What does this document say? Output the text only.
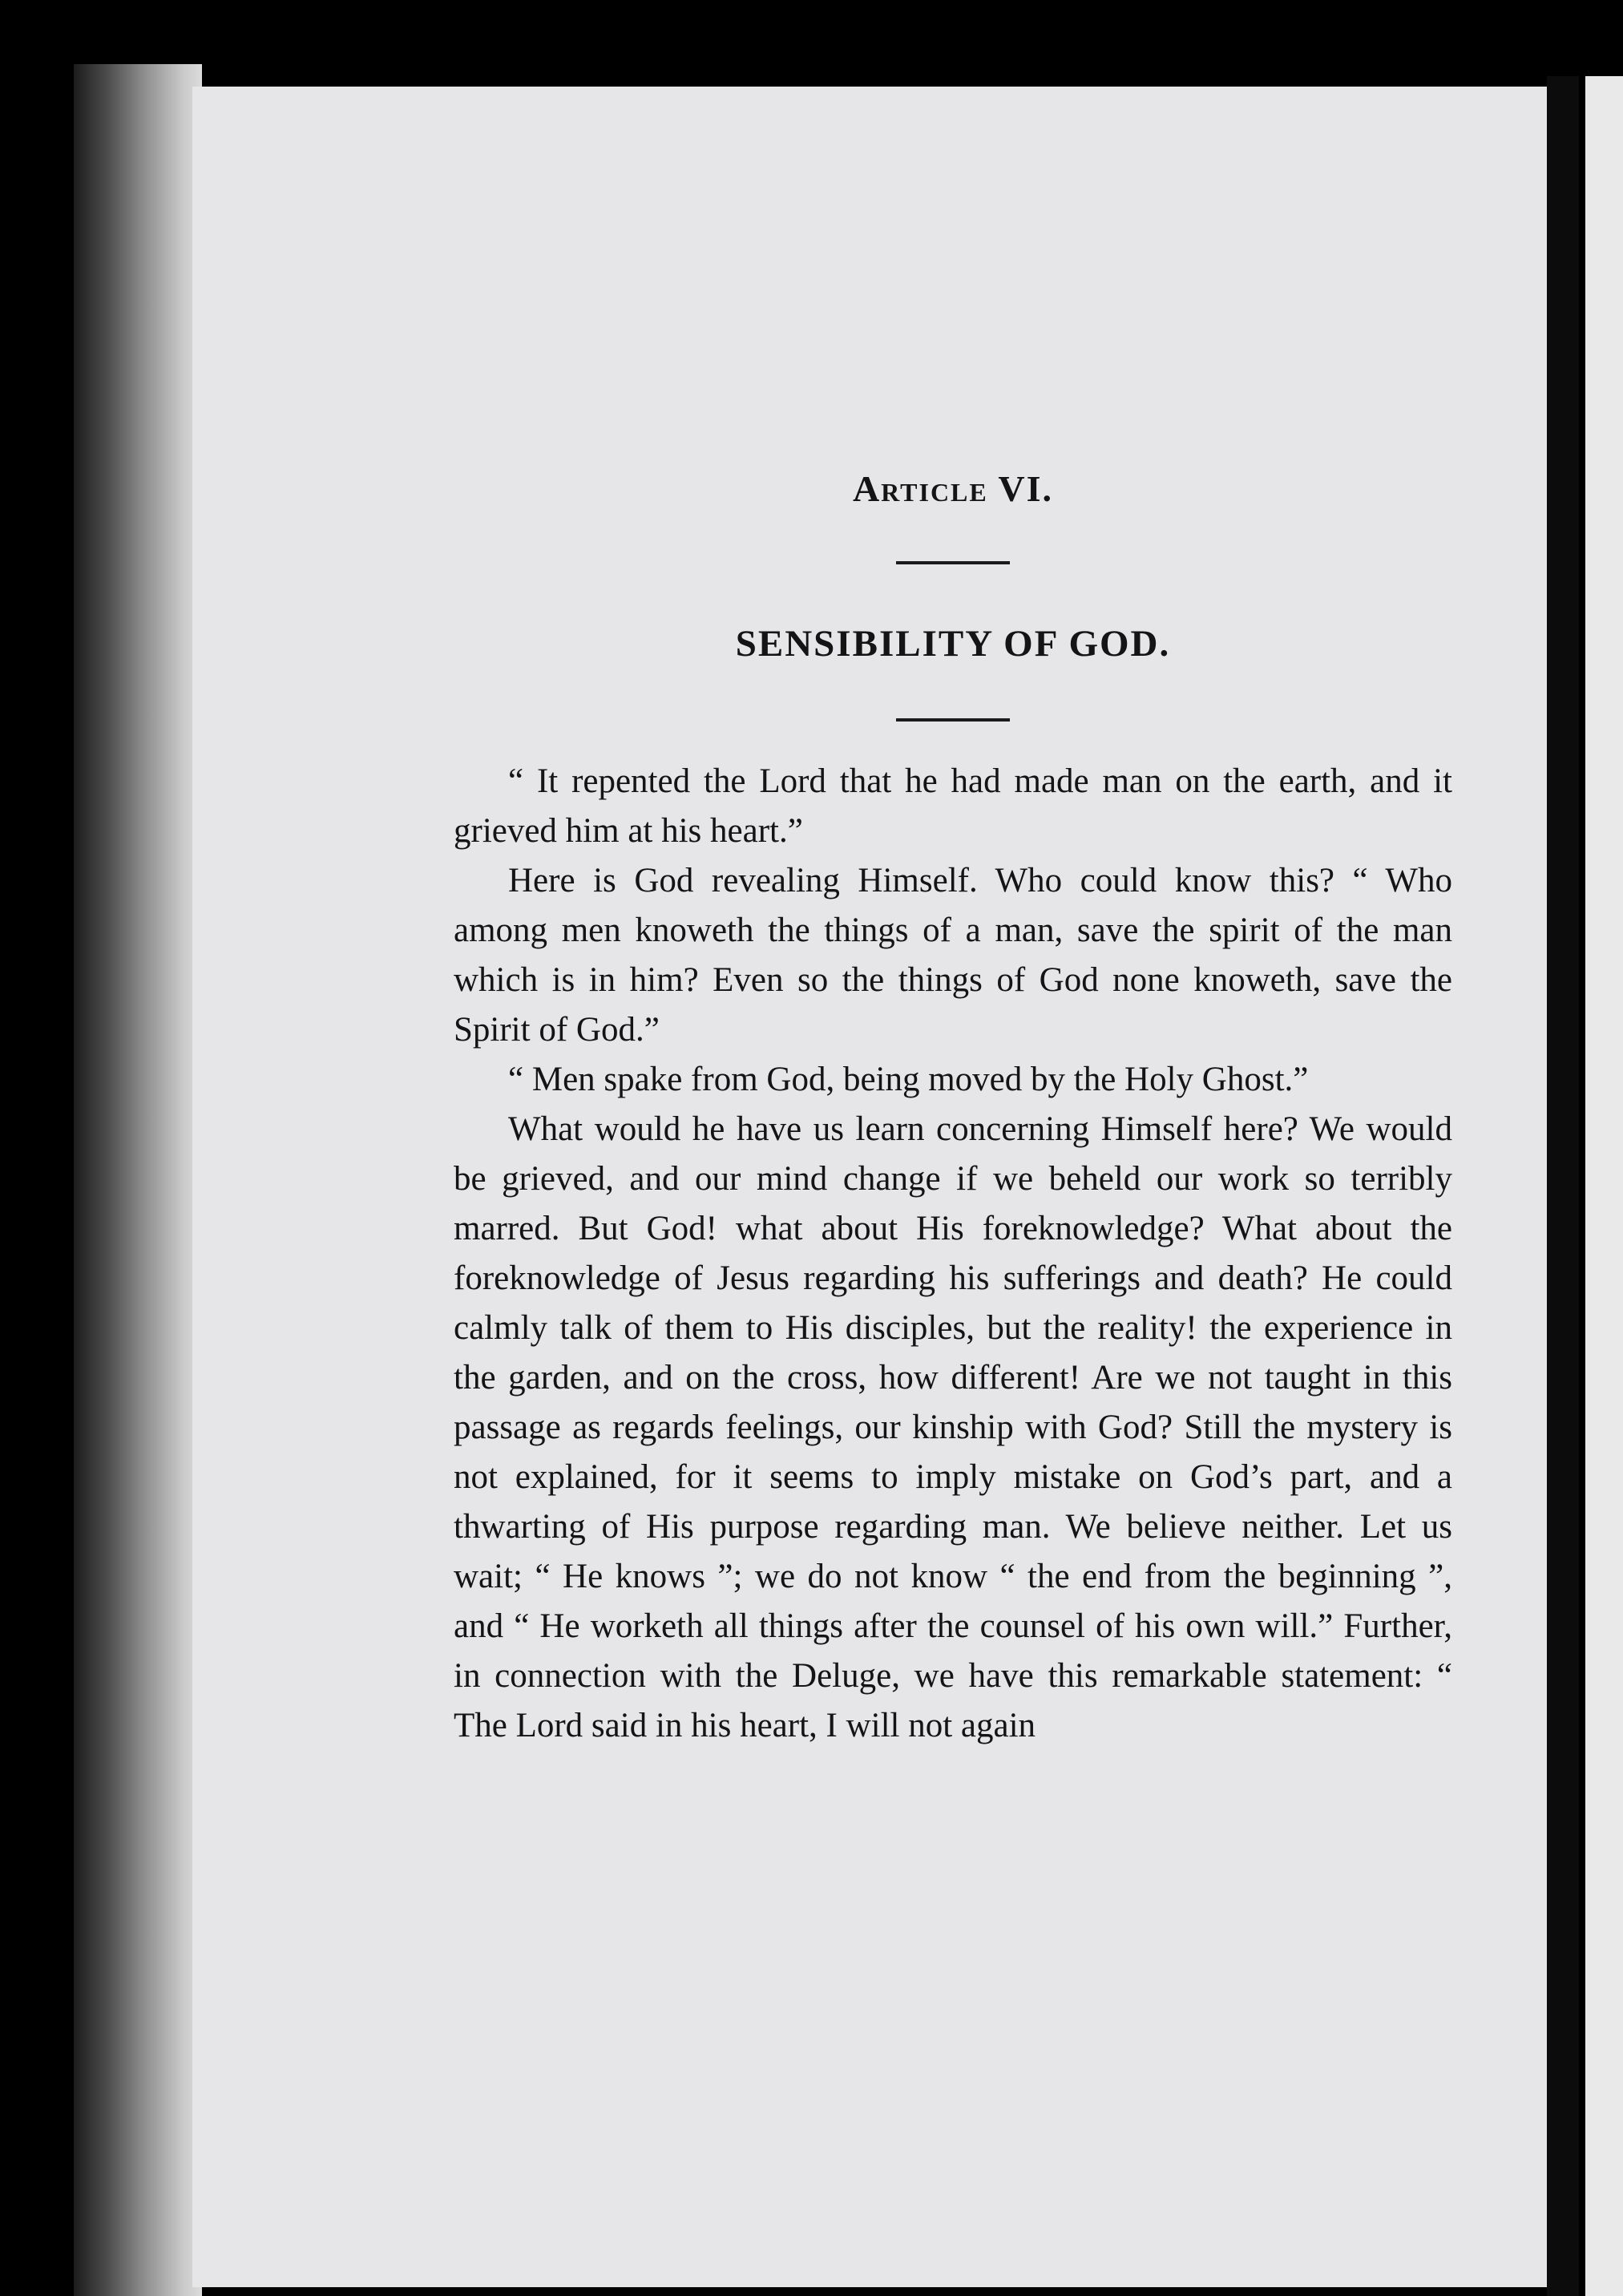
Article VI.
SENSIBILITY OF GOD.

“ It repented the Lord that he had made man on the earth, and it grieved him at his heart.”

Here is God revealing Himself. Who could know this? “ Who among men knoweth the things of a man, save the spirit of the man which is in him? Even so the things of God none knoweth, save the Spirit of God.”

“ Men spake from God, being moved by the Holy Ghost.”

What would he have us learn concerning Himself here? We would be grieved, and our mind change if we beheld our work so terribly marred. But God! what about His foreknowledge? What about the foreknowledge of Jesus regarding his sufferings and death? He could calmly talk of them to His disciples, but the reality! the experience in the garden, and on the cross, how different! Are we not taught in this passage as regards feelings, our kinship with God? Still the mystery is not explained, for it seems to imply mistake on God’s part, and a thwarting of His purpose regarding man. We believe neither. Let us wait; “ He knows ”; we do not know “ the end from the beginning ”, and “ He worketh all things after the counsel of his own will.” Further, in connection with the Deluge, we have this remarkable statement: “ The Lord said in his heart, I will not again
